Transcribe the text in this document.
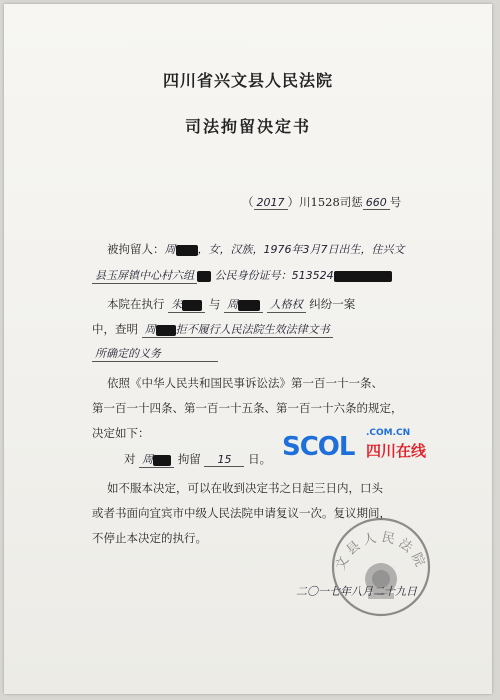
四川省兴文县人民法院
司法拘留决定书
（ 2017 ）川1528司惩 660 号
被拘留人：周 ，女，汉族，1976年3月7日出生，住兴文
县玉屏镇中心村六组 公民身份证号：513524
本院在执行 朱 与 周	人格权 纠纷一案
中，查明 周 拒不履行人民法院生效法律文书
所确定的义务
依照《中华人民共和国民事诉讼法》第一百一十一条、
第一百一十四条、第一百一十五条、第一百一十六条的规定，
决定如下：
对 周 拘留 15 日。
如不服本决定，可以在收到决定书之日起三日内，口头
或者书面向宜宾市中级人民法院申请复议一次。复议期间，
不停止本决定的执行。
SCOL .COM.CN
四川在线
文县人民法院
二〇一七年八月二十九日
